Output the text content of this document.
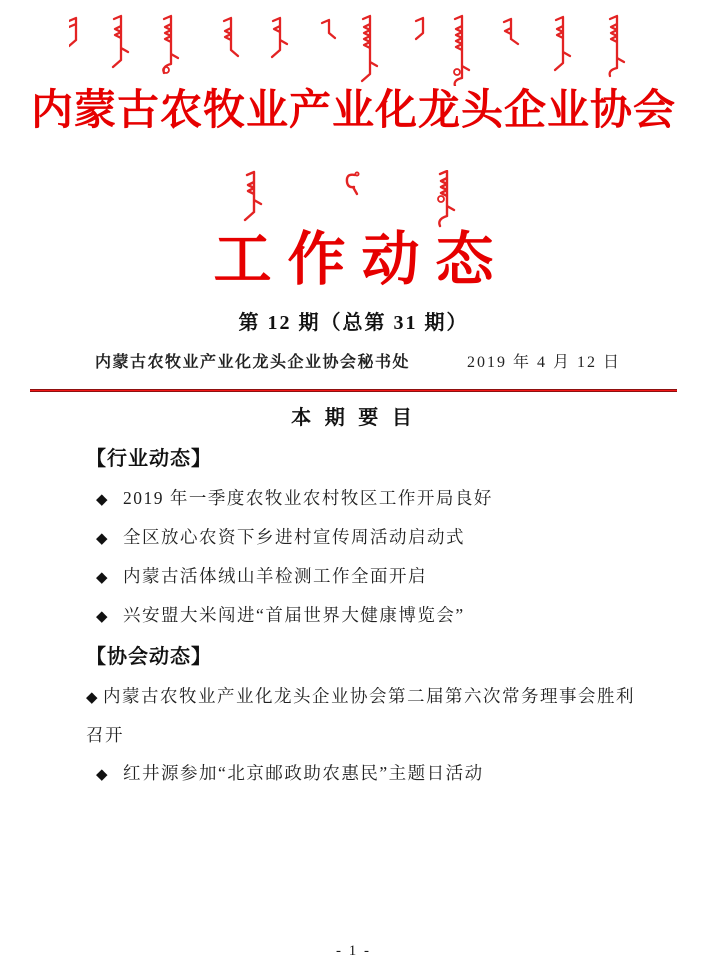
内蒙古农牧业产业化龙头企业协会
工作动态
第 12 期（总第 31 期）
内蒙古农牧业产业化龙头企业协会秘书处	2019 年 4 月 12 日
本 期 要 目
【行业动态】
◆ 2019 年一季度农牧业农村牧区工作开局良好
◆ 全区放心农资下乡进村宣传周活动启动式
◆ 内蒙古活体绒山羊检测工作全面开启
◆ 兴安盟大米闯进“首届世界大健康博览会”
【协会动态】
◆ 内蒙古农牧业产业化龙头企业协会第二届第六次常务理事会胜利召开
◆ 红井源参加“北京邮政助农惠民”主题日活动
- 1 -
